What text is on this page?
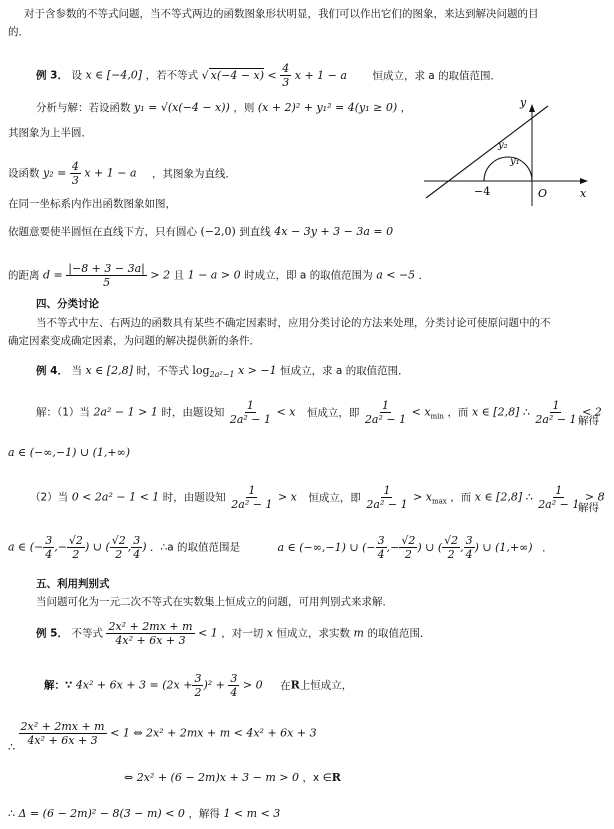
对于含参数的不等式问题，当不等式两边的函数图象形状明显，我们可以作出它们的图象，来达到解决问题的目
的．
例 3． 设 x ∈ [−4,0] ，若不等式 √ $x(-4 - x) < \frac{4}{3}$ x + 1 − a 恒成立，求 a 的取值范围．
分析与解：若设函数 y₁ = √(x(−4 − x)) ，则 (x + 2)² + y₁² = 4(y₁ ≥ 0) ，
其图象为上半圆．
设函数 $y_2 = \frac{4}{3}$ x + 1 − a ，其图象为直线．
在同一坐标系内作出函数图象如图，
依题意要使半圆恒在直线下方，只有圆心 (−2,0) 到直线 4x − 3y + 3 − 3a = 0
的距离 $d = \frac{|-8 + 3 - 3a|}{5} > 2$ 且 1 − a > 0 时成立，即 a 的取值范围为 a < −5 ．
y
x
O
−4
y₁
y₂
四、分类讨论
当不等式中左、右两边的函数具有某些不确定因素时，应用分类讨论的方法来处理，分类讨论可使原问题中的不
确定因素变成确定因素，为问题的解决提供新的条件．
例 4． 当 x ∈ [2,8] 时，不等式 $\log_{2a^2-1} x > -1$ 恒成立，求 a 的取值范围．
解：（1）当 2a² − 1 > 1 时，由题设知 $\frac{1}{\text{2a² − 1}} < x$ 恒成立，即 $\frac{1}{\text{2a² − 1}} < x_{min}$ ，而 x ∈ [2,8] ∴ $\frac{1}{\text{2a² − 1}} < 2$
解得
a ∈ (−∞,−1) ∪ (1,+∞)
（2）当 0 < 2a² − 1 < 1 时，由题设知 $\frac{1}{\text{2a² − 1}} > x$ 恒成立，即 $\frac{1}{\text{2a² − 1}} > x_{max}$ ，而 x ∈ [2,8] ∴ $\frac{1}{\text{2a² − 1}} > 8$
解得
a ∈ (− $\frac{3}{4}$ ,− $\frac{√2}{2}$ ) ∪ ( $\frac{√2}{2}$ , $\frac{3}{4}$ ) ．∴a 的取值范围是	a ∈ (−∞,−1) ∪ (− $\frac{3}{4}$ ,− $\frac{√2}{2}$ ) ∪ ( $\frac{√2}{2}$ , $\frac{3}{4}$ ) ∪ (1,+∞) ．
五、利用判别式
当问题可化为一元二次不等式在实数集上恒成立的问题，可用判别式来求解．
例 5． 不等式 $\frac{\text{2x² + 2mx + m}}{\text{4x² + 6x + 3}} < 1$ ，对一切 x 恒成立，求实数 m 的取值范围．
解：∵ $4x^2 + 6x + 3 = (2x + \frac{3}{2} )^2 + \frac{3}{4} > 0$ 在R上恒成立，
∴ $\frac{\text{2x² + 2mx + m}}{\text{4x² + 6x + 3}} < 1$ ⇔ 2x² + 2mx + m < 4x² + 6x + 3
⇔ 2x² + (6 − 2m)x + 3 − m > 0 ，x ∈R
∴ Δ = (6 − 2m)² − 8(3 − m) < 0 ，解得 1 < m < 3
